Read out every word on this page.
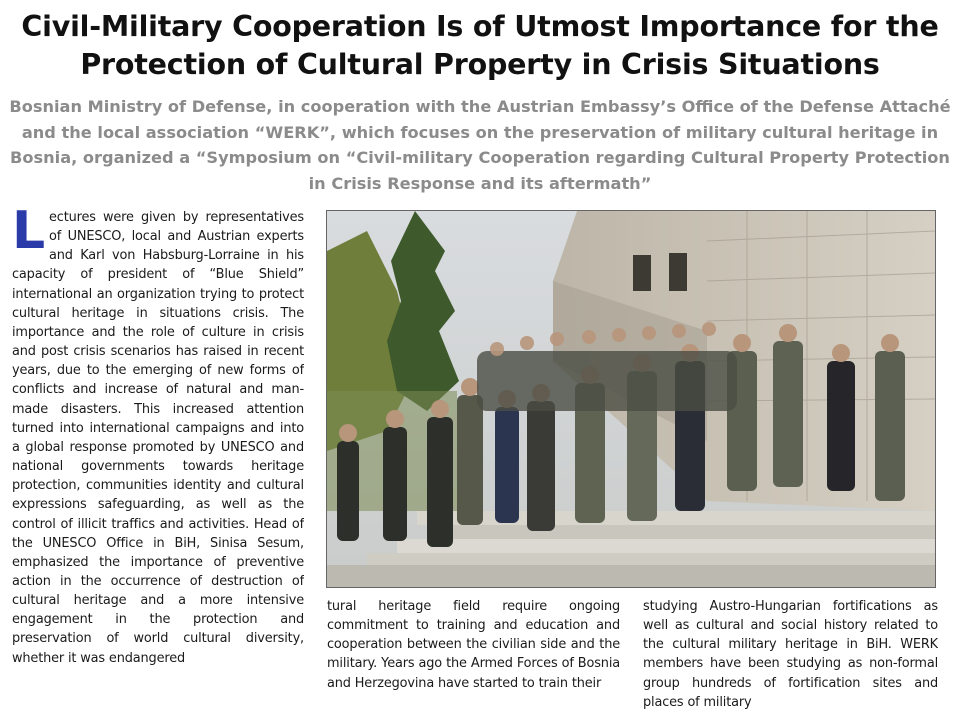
Civil-Military Cooperation Is of Utmost Importance for the Protection of Cultural Property in Crisis Situations

Bosnian Ministry of Defense, in cooperation with the Austrian Embassy’s Office of the Defense Attaché and the local association “WERK”, which focuses on the preservation of military cultural heritage in Bosnia, organized a “Symposium on “Civil-military Cooperation regarding Cultural Property Protection in Crisis Response and its aftermath”

Lectures were given by representatives of UNESCO, local and Austrian experts and Karl von Habsburg-Lorraine in his capacity of president of “Blue Shield” international an organization trying to protect cultural heritage in situations crisis. The importance and the role of culture in crisis and post crisis scenarios has raised in recent years, due to the emerging of new forms of conflicts and increase of natural and man-made disasters. This increased attention turned into international campaigns and into a global response promoted by UNESCO and national governments towards heritage protection, communities identity and cultural expressions safeguarding, as well as the control of illicit traffics and activities. Head of the UNESCO Office in BiH, Sinisa Sesum, emphasized the importance of preventive action in the occurrence of destruction of cultural heritage and a more intensive engagement in the protection and preservation of world cultural diversity, whether it was endangered
tural heritage field require ongoing commitment to training and education and cooperation between the civilian side and the military. Years ago the Armed Forces of Bosnia and Herzegovina have started to train their
studying Austro-Hungarian fortifications as well as cultural and social history related to the cultural military heritage in BiH. WERK members have been studying as non-formal group hundreds of fortification sites and places of military
